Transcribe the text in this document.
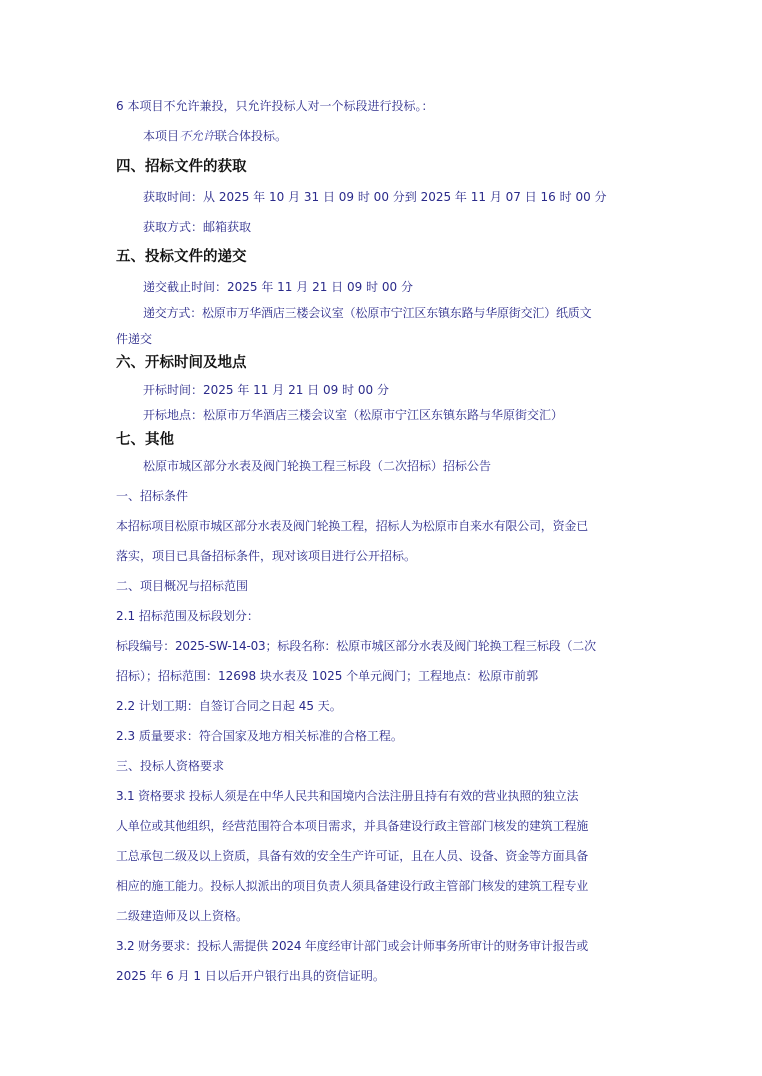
6 本项目不允许兼投，只允许投标人对一个标段进行投标。：
本项目不允许联合体投标。
四、招标文件的获取
获取时间：从 2025 年 10 月 31 日 09 时 00 分到 2025 年 11 月 07 日 16 时 00 分
获取方式：邮箱获取
五、投标文件的递交
递交截止时间：2025 年 11 月 21 日 09 时 00 分
递交方式：松原市万华酒店三楼会议室（松原市宁江区东镇东路与华原街交汇）纸质文
件递交
六、开标时间及地点
开标时间：2025 年 11 月 21 日 09 时 00 分
开标地点：松原市万华酒店三楼会议室（松原市宁江区东镇东路与华原街交汇）
七、其他
松原市城区部分水表及阀门轮换工程三标段（二次招标）招标公告
一、招标条件
本招标项目松原市城区部分水表及阀门轮换工程，招标人为松原市自来水有限公司，资金已
落实，项目已具备招标条件，现对该项目进行公开招标。
二、项目概况与招标范围
2.1 招标范围及标段划分：
标段编号：2025-SW-14-03；标段名称：松原市城区部分水表及阀门轮换工程三标段（二次
招标）；招标范围：12698 块水表及 1025 个单元阀门；工程地点：松原市前郭
2.2 计划工期：自签订合同之日起 45 天。
2.3 质量要求：符合国家及地方相关标准的合格工程。
三、投标人资格要求
3.1 资格要求 投标人须是在中华人民共和国境内合法注册且持有有效的营业执照的独立法
人单位或其他组织，经营范围符合本项目需求，并具备建设行政主管部门核发的建筑工程施
工总承包二级及以上资质，具备有效的安全生产许可证，且在人员、设备、资金等方面具备
相应的施工能力。投标人拟派出的项目负责人须具备建设行政主管部门核发的建筑工程专业
二级建造师及以上资格。
3.2 财务要求：投标人需提供 2024 年度经审计部门或会计师事务所审计的财务审计报告或
2025 年 6 月 1 日以后开户银行出具的资信证明。
